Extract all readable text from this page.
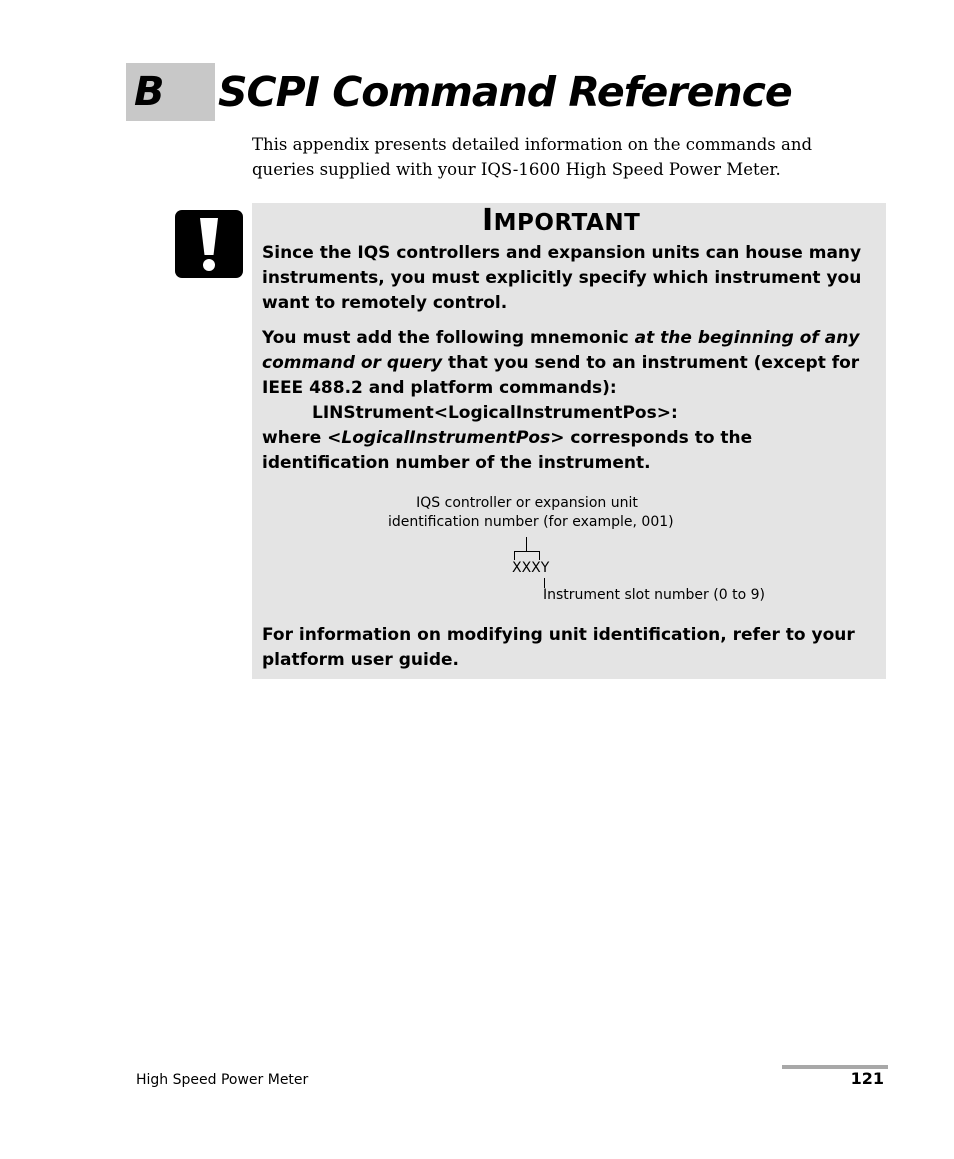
B SCPI Command Reference
This appendix presents detailed information on the commands and queries supplied with your IQS-1600 High Speed Power Meter.
IMPORTANT
Since the IQS controllers and expansion units can house many instruments, you must explicitly specify which instrument you want to remotely control.
You must add the following mnemonic at the beginning of any command or query that you send to an instrument (except for IEEE 488.2 and platform commands):
LINStrument<LogicalInstrumentPos>:
where <LogicalInstrumentPos> corresponds to the identification number of the instrument.
IQS controller or expansion unit
identification number (for example, 001)
XXXY
Instrument slot number (0 to 9)
For information on modifying unit identification, refer to your platform user guide.
High Speed Power Meter	121
